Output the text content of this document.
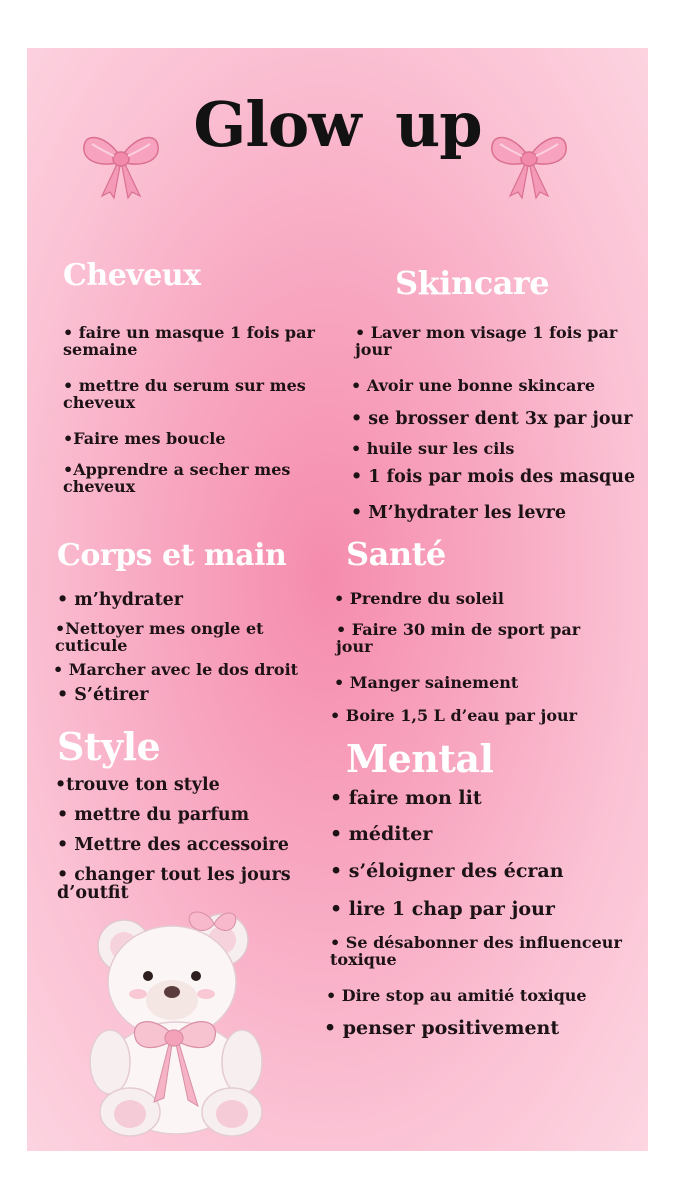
Glow up
Cheveux
• faire un masque 1 fois par semaine
• mettre du serum sur mes cheveux
•Faire mes boucle
•Apprendre a secher mes cheveux
Skincare
• Laver mon visage 1 fois par jour
• Avoir une bonne skincare
• se brosser dent 3x par jour
• huile sur les cils
• 1 fois par mois des masque
• M’hydrater les levre
Corps et main
• m’hydrater
•Nettoyer mes ongle et cuticule
• Marcher avec le dos droit
• S’étirer
Santé
• Prendre du soleil
• Faire 30 min de sport par jour
• Manger sainement
• Boire 1,5 L d’eau par jour
Style
•trouve ton style
• mettre du parfum
• Mettre des accessoire
• changer tout les jours d’outfit
Mental
• faire mon lit
• méditer
• s’éloigner des écran
• lire 1 chap par jour
• Se désabonner des influenceur toxique
• Dire stop au amitié toxique
• penser positivement
